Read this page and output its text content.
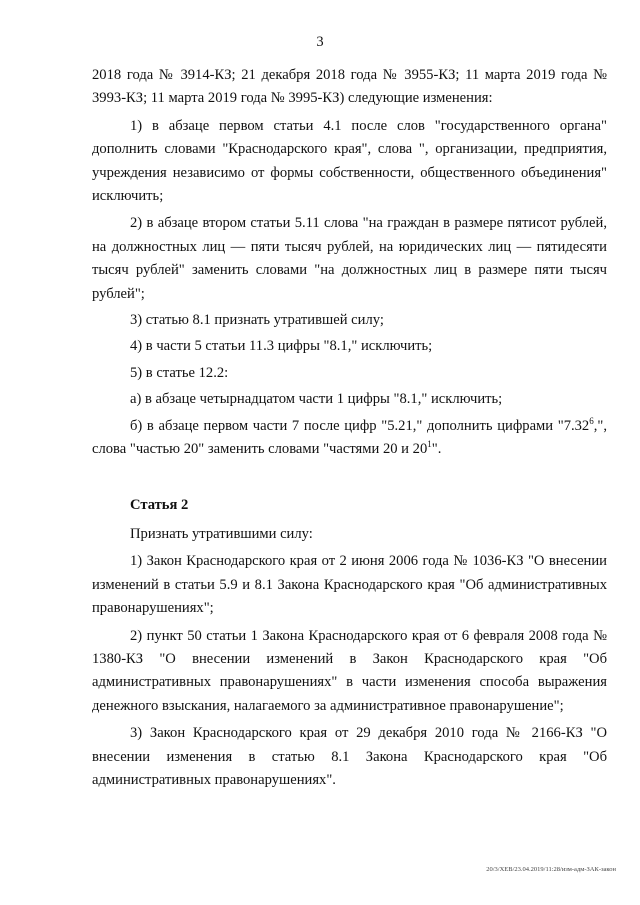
3

2018 года № 3914-КЗ; 21 декабря 2018 года № 3955-КЗ; 11 марта 2019 года № 3993-КЗ; 11 марта 2019 года № 3995-КЗ) следующие изменения:

1) в абзаце первом статьи 4.1 после слов "государственного органа" дополнить словами "Краснодарского края", слова ", организации, предприятия, учреждения независимо от формы собственности, общественного объединения" исключить;

2) в абзаце втором статьи 5.11 слова "на граждан в размере пятисот рублей, на должностных лиц — пяти тысяч рублей, на юридических лиц — пятидесяти тысяч рублей" заменить словами "на должностных лиц в размере пяти тысяч рублей";

3) статью 8.1 признать утратившей силу;

4) в части 5 статьи 11.3 цифры "8.1," исключить;

5) в статье 12.2:

а) в абзаце четырнадцатом части 1 цифры "8.1," исключить;

б) в абзаце первом части 7 после цифр "5.21," дополнить цифрами "7.32$^6$,", слова "частью 20" заменить словами "частями 20 и $20^1$".

Статья 2

Признать утратившими силу:

1) Закон Краснодарского края от 2 июня 2006 года № 1036-КЗ "О внесении изменений в статьи 5.9 и 8.1 Закона Краснодарского края "Об административных правонарушениях";

2) пункт 50 статьи 1 Закона Краснодарского края от 6 февраля 2008 года № 1380-КЗ "О внесении изменений в Закон Краснодарского края "Об административных правонарушениях" в части изменения способа выражения денежного взыскания, налагаемого за административное правонарушение";

3) Закон Краснодарского края от 29 декабря 2010 года № 2166-КЗ "О внесении изменения в статью 8.1 Закона Краснодарского края "Об административных правонарушениях".

20/3/ХЕВ/23.04.2019/11:28/изм-адм-ЗАК-закон
